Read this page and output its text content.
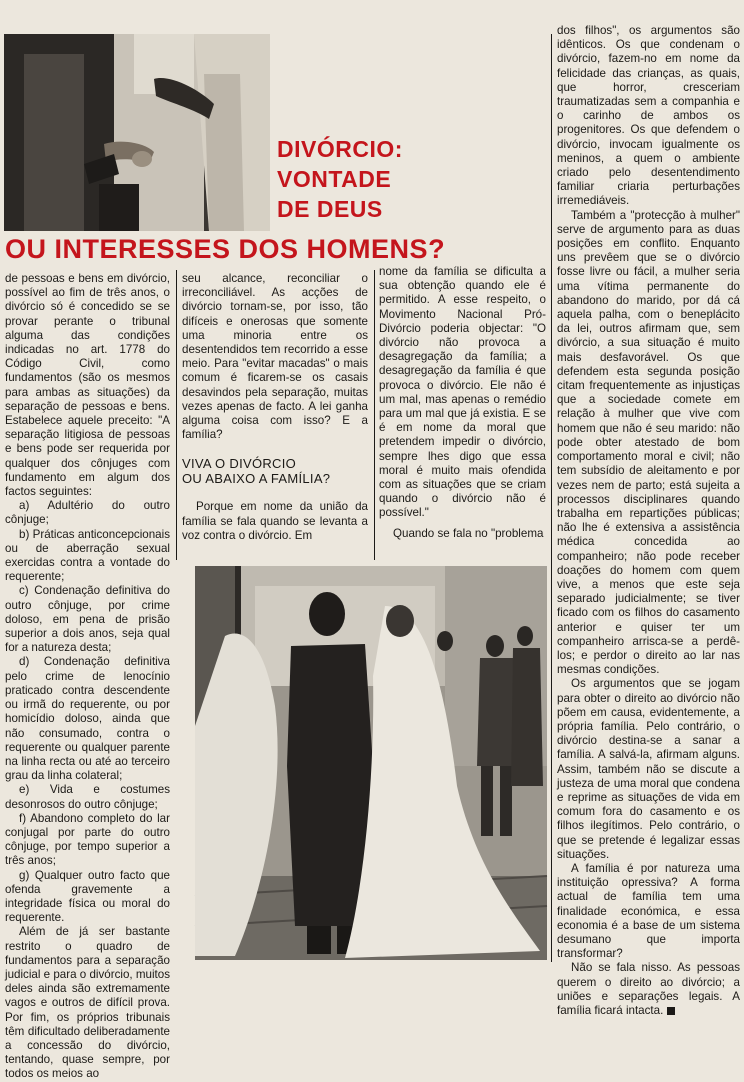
DIVÓRCIO:
VONTADE
DE DEUS
OU INTERESSES DOS HOMENS?

de pessoas e bens em divórcio, possível ao fim de três anos, o divórcio só é concedido se se provar perante o tribunal alguma das condições indicadas no art. 1778 do Código Civil, como fundamentos (são os mesmos para ambas as situações) da separação de pessoas e bens. Estabelece aquele preceito: "A separação litigiosa de pessoas e bens pode ser requerida por qualquer dos cônjuges com fundamento em algum dos factos seguintes:

a) Adultério do outro cônjuge;
b) Práticas anticoncepcionais ou de aberração sexual exercidas contra a vontade do requerente;
c) Condenação definitiva do outro cônjuge, por crime doloso, em pena de prisão superior a dois anos, seja qual for a natureza desta;
d) Condenação definitiva pelo crime de lenocínio praticado contra descendente ou irmã do requerente, ou por homicídio doloso, ainda que não consumado, contra o requerente ou qualquer parente na linha recta ou até ao terceiro grau da linha colateral;
e) Vida e costumes desonrosos do outro cônjuge;
f) Abandono completo do lar conjugal por parte do outro cônjuge, por tempo superior a três anos;
g) Qualquer outro facto que ofenda gravemente a integridade física ou moral do requerente.

Além de já ser bastante restrito o quadro de fundamentos para a separação judicial e para o divórcio, muitos deles ainda são extremamente vagos e outros de difícil prova. Por fim, os próprios tribunais têm dificultado deliberadamente a concessão do divórcio, tentando, quase sempre, por todos os meios ao

seu alcance, reconciliar o irreconciliável. As acções de divórcio tornam-se, por isso, tão difíceis e onerosas que somente uma minoria entre os desentendidos tem recorrido a esse meio. Para "evitar macadas" o mais comum é ficarem-se os casais desavindos pela separação, muitas vezes apenas de facto. A lei ganha alguma coisa com isso? E a família?

VIVA O DIVÓRCIO
OU ABAIXO A FAMÍLIA?

Porque em nome da união da família se fala quando se levanta a voz contra o divórcio. Em

nome da família se dificulta a sua obtenção quando ele é permitido. A esse respeito, o Movimento Nacional Pró-Divórcio poderia objectar: "O divórcio não provoca a desagregação da família; a desagregação da família é que provoca o divórcio. Ele não é um mal, mas apenas o remédio para um mal que já existia. E se é em nome da moral que pretendem impedir o divórcio, sempre lhes digo que essa moral é muito mais ofendida com as situações que se criam quando o divórcio não é possível."

Quando se fala no "problema

dos filhos", os argumentos são idênticos. Os que condenam o divórcio, fazem-no em nome da felicidade das crianças, as quais, que horror, cresceriam traumatizadas sem a companhia e o carinho de ambos os progenitores. Os que defendem o divórcio, invocam igualmente os meninos, a quem o ambiente criado pelo desentendimento familiar criaria perturbações irremediáveis.

Também a "protecção à mulher" serve de argumento para as duas posições em conflito. Enquanto uns prevêem que se o divórcio fosse livre ou fácil, a mulher seria uma vítima permanente do abandono do marido, por dá cá aquela palha, com o beneplácito da lei, outros afirmam que, sem divórcio, a sua situação é muito mais desfavorável. Os que defendem esta segunda posição citam frequentemente as injustiças que a sociedade comete em relação à mulher que vive com homem que não é seu marido: não pode obter atestado de bom comportamento moral e civil; não tem subsídio de aleitamento e por vezes nem de parto; está sujeita a processos disciplinares quando trabalha em repartições públicas; não lhe é extensiva a assistência médica concedida ao companheiro; não pode receber doações do homem com quem vive, a menos que este seja separado judicialmente; se tiver ficado com os filhos do casamento anterior e quiser ter um companheiro arrisca-se a perdê-los; e perdor o direito ao lar nas mesmas condições.

Os argumentos que se jogam para obter o direito ao divórcio não põem em causa, evidentemente, a própria família. Pelo contrário, o divórcio destina-se a sanar a família. A salvá-la, afirmam alguns. Assim, também não se discute a justeza de uma moral que condena e reprime as situações de vida em comum fora do casamento e os filhos ilegítimos. Pelo contrário, o que se pretende é legalizar essas situações.

A família é por natureza uma instituição opressiva? A forma actual de família tem uma finalidade económica, e essa economia é a base de um sistema desumano que importa transformar?

Não se fala nisso. As pessoas querem o direito ao divórcio; a uniões e separações legais. A família ficará intacta.
